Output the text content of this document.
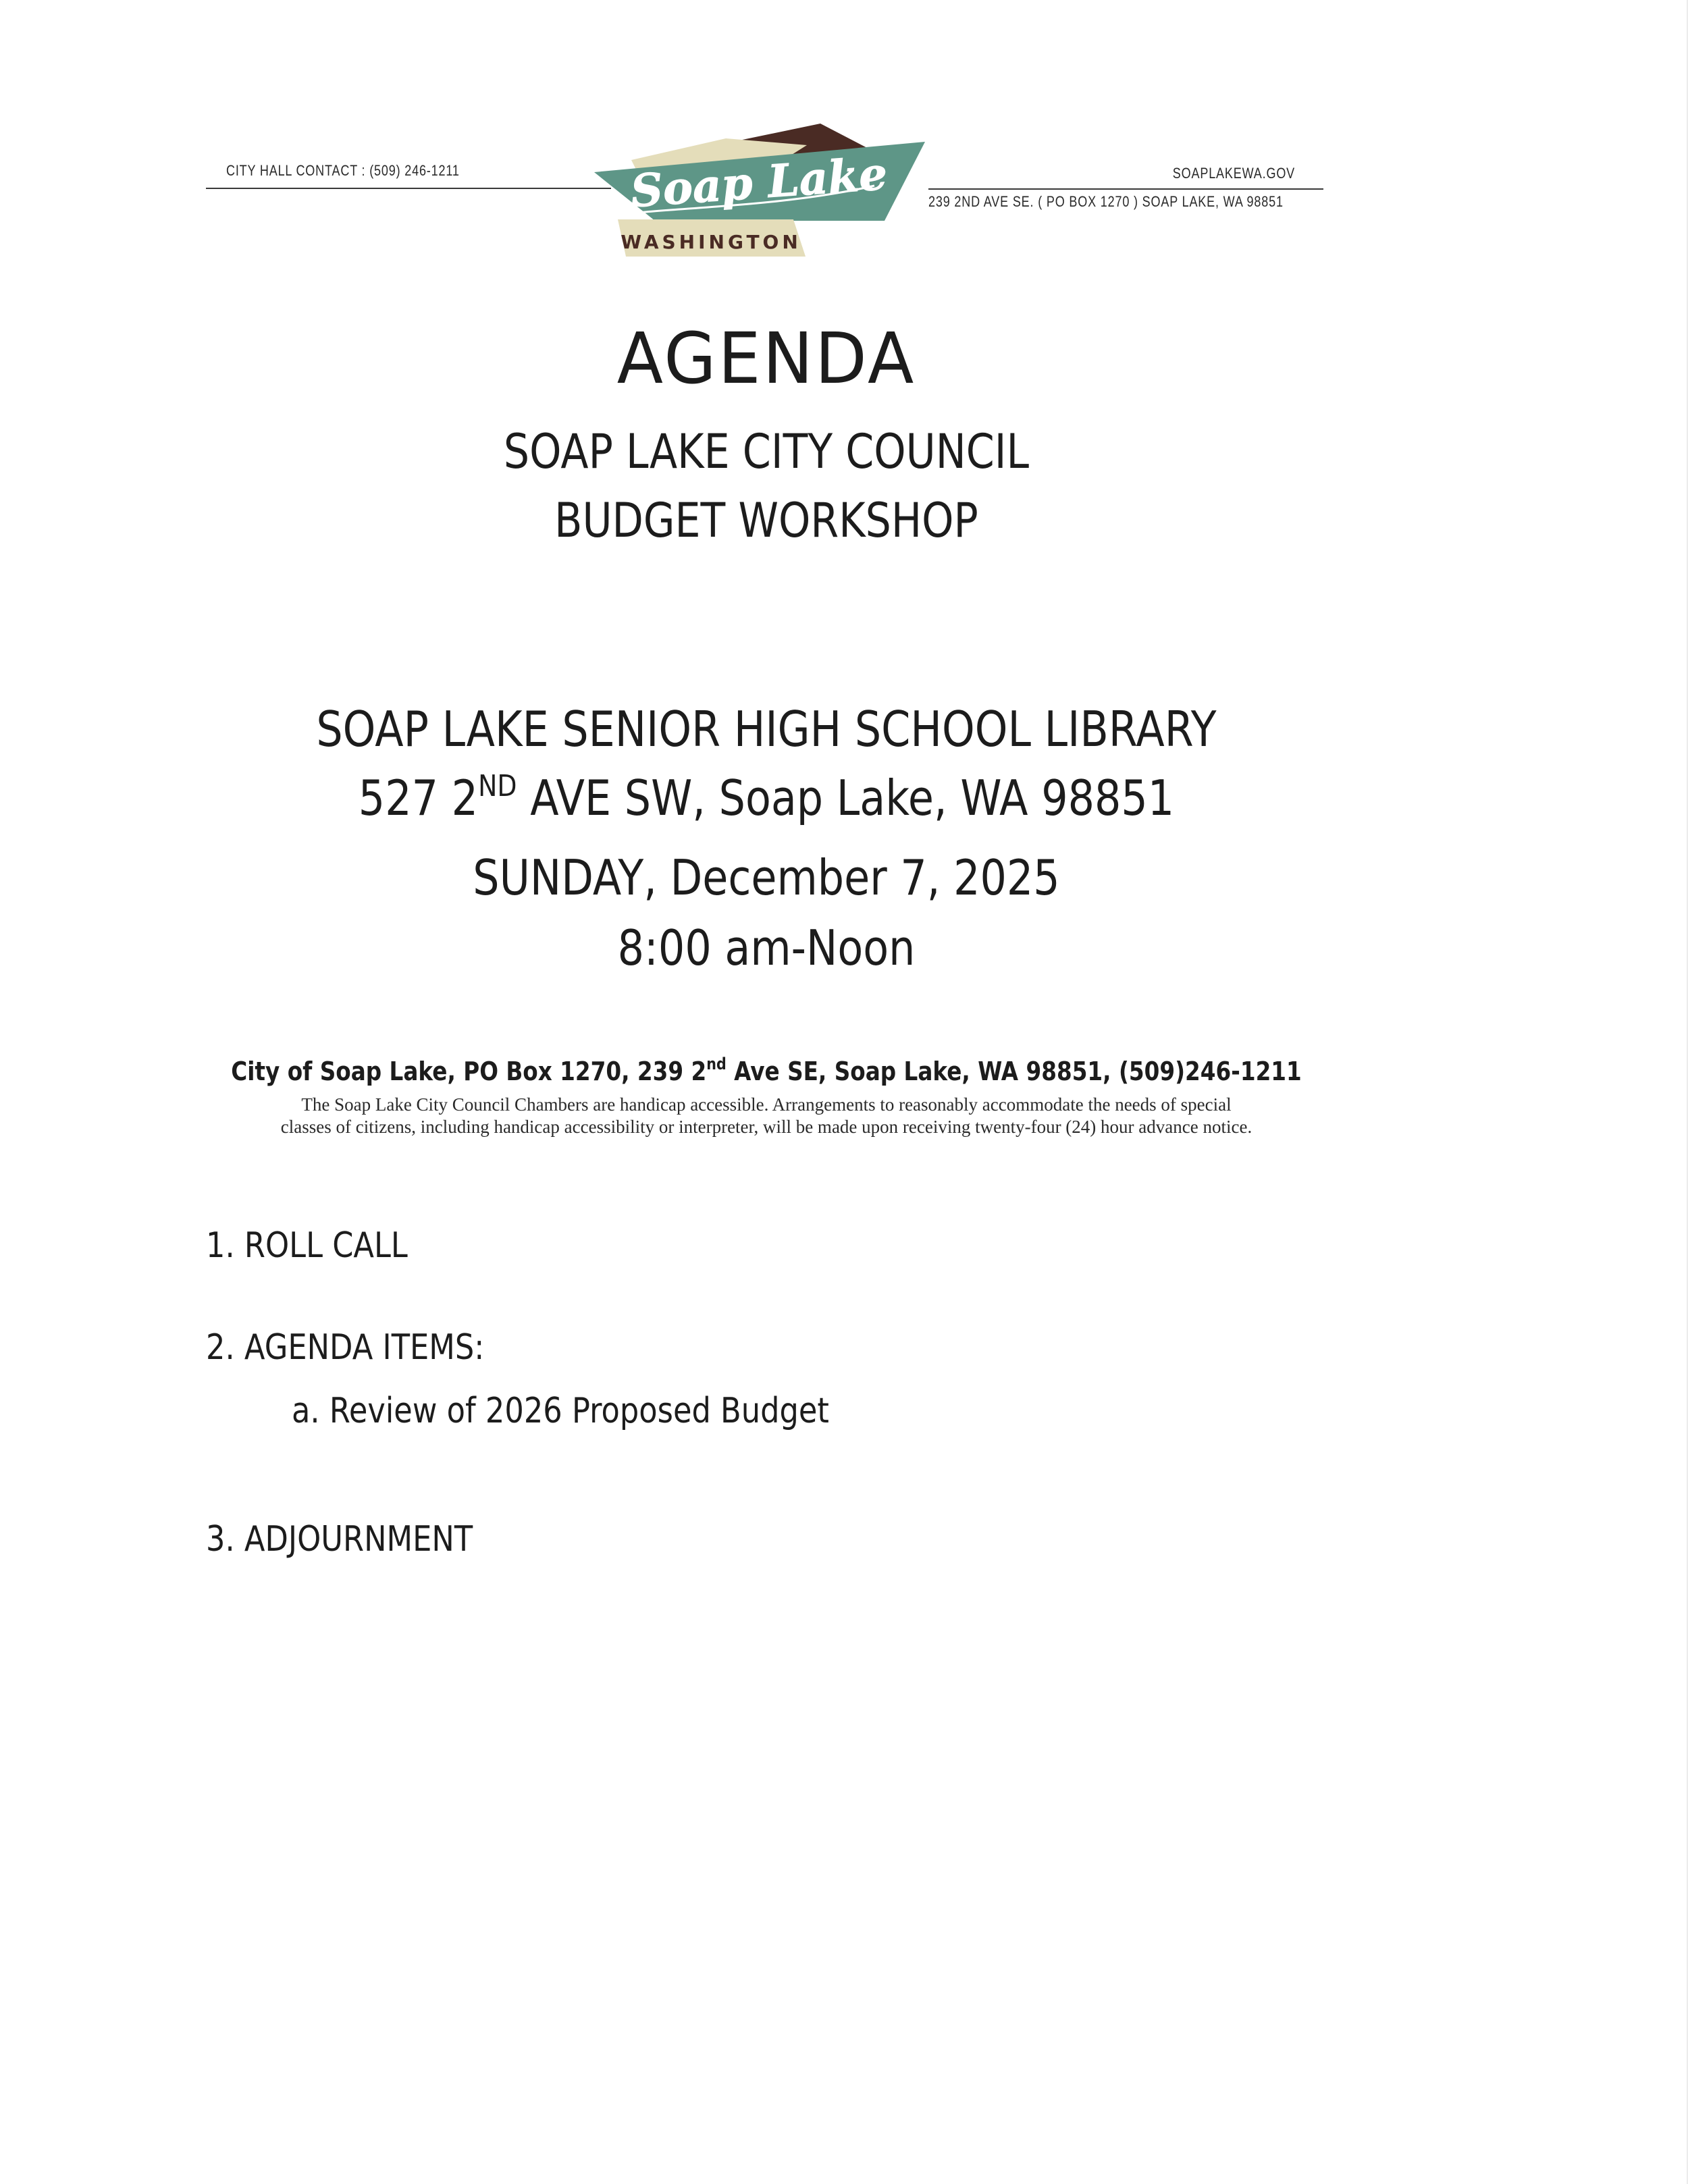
CITY HALL CONTACT : (509) 246-1211	Soap Lake
WASHINGTON
SOAPLAKEWA.GOV
239 2ND AVE SE. ( PO BOX 1270 ) SOAP LAKE, WA 98851
AGENDA
SOAP LAKE CITY COUNCIL
BUDGET WORKSHOP
SOAP LAKE SENIOR HIGH SCHOOL LIBRARY
527 2ND AVE SW, Soap Lake, WA 98851
SUNDAY, December 7, 2025
8:00 am-Noon
City of Soap Lake, PO Box 1270, 239 2nd Ave SE, Soap Lake, WA 98851, (509)246-1211
The Soap Lake City Council Chambers are handicap accessible. Arrangements to reasonably accommodate the needs of special
classes of citizens, including handicap accessibility or interpreter, will be made upon receiving twenty-four (24) hour advance notice.
1. ROLL CALL
2. AGENDA ITEMS:
a. Review of 2026 Proposed Budget
3. ADJOURNMENT
